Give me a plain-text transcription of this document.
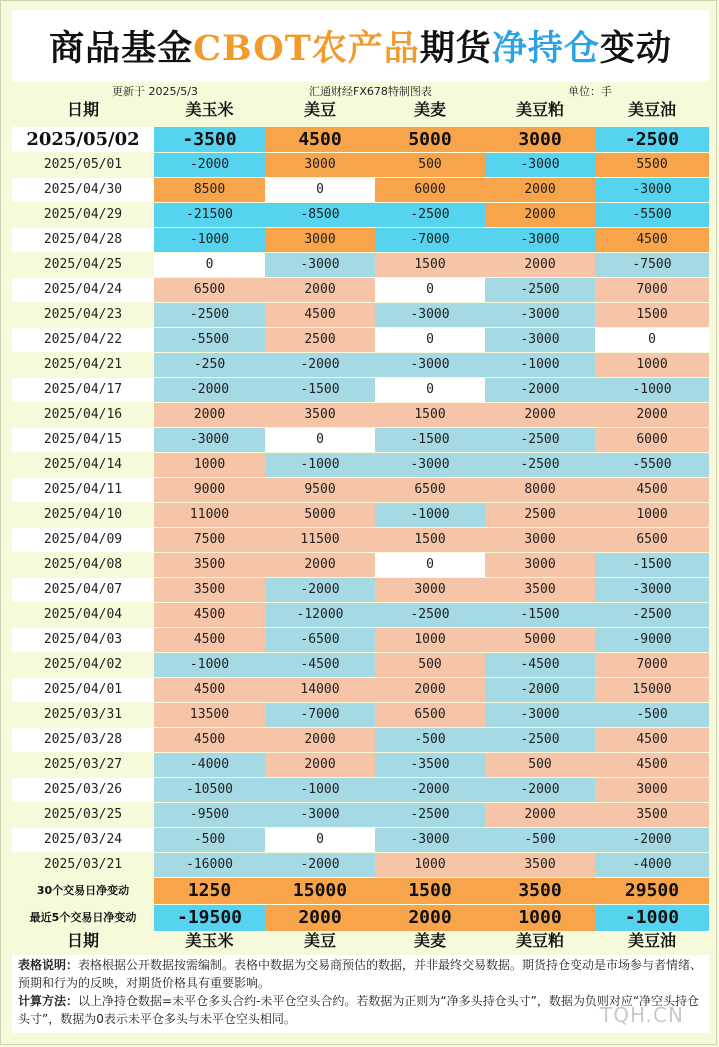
商品基金 CBOT农产品 期货 净持仓 变动
更新于 2025/5/3	汇通财经FX678特制图表	单位：手
日期	美玉米	美豆	美麦	美豆粕	美豆油
2025/05/02	-3500	4500	5000	3000	-2500
2025/05/01	-2000	3000	500	-3000	5500
2025/04/30	8500	0	6000	2000	-3000
2025/04/29	-21500	-8500	-2500	2000	-5500
2025/04/28	-1000	3000	-7000	-3000	4500
2025/04/25	0	-3000	1500	2000	-7500
2025/04/24	6500	2000	0	-2500	7000
2025/04/23	-2500	4500	-3000	-3000	1500
2025/04/22	-5500	2500	0	-3000	0
2025/04/21	-250	-2000	-3000	-1000	1000
2025/04/17	-2000	-1500	0	-2000	-1000
2025/04/16	2000	3500	1500	2000	2000
2025/04/15	-3000	0	-1500	-2500	6000
2025/04/14	1000	-1000	-3000	-2500	-5500
2025/04/11	9000	9500	6500	8000	4500
2025/04/10	11000	5000	-1000	2500	1000
2025/04/09	7500	11500	1500	3000	6500
2025/04/08	3500	2000	0	3000	-1500
2025/04/07	3500	-2000	3000	3500	-3000
2025/04/04	4500	-12000	-2500	-1500	-2500
2025/04/03	4500	-6500	1000	5000	-9000
2025/04/02	-1000	-4500	500	-4500	7000
2025/04/01	4500	14000	2000	-2000	15000
2025/03/31	13500	-7000	6500	-3000	-500
2025/03/28	4500	2000	-500	-2500	4500
2025/03/27	-4000	2000	-3500	500	4500
2025/03/26	-10500	-1000	-2000	-2000	3000
2025/03/25	-9500	-3000	-2500	2000	3500
2025/03/24	-500	0	-3000	-500	-2000
2025/03/21	-16000	-2000	1000	3500	-4000
30个交易日净变动	1250	15000	1500	3500	29500
最近5个交易日净变动	-19500	2000	2000	1000	-1000
日期	美玉米	美豆	美麦	美豆粕	美豆油
表格说明：表格根据公开数据按需编制。表格中数据为交易商预估的数据，并非最终交易数据。期货持仓变动是市场参与者情绪、预期和行为的反映，对期货价格具有重要影响。
计算方法：以上净持仓数据=未平仓多头合约-未平仓空头合约。若数据为正则为“净多头持仓头寸”，数据为负则对应“净空头持仓头寸”，数据为0表示未平仓多头与未平仓空头相同。	TQH.CN
